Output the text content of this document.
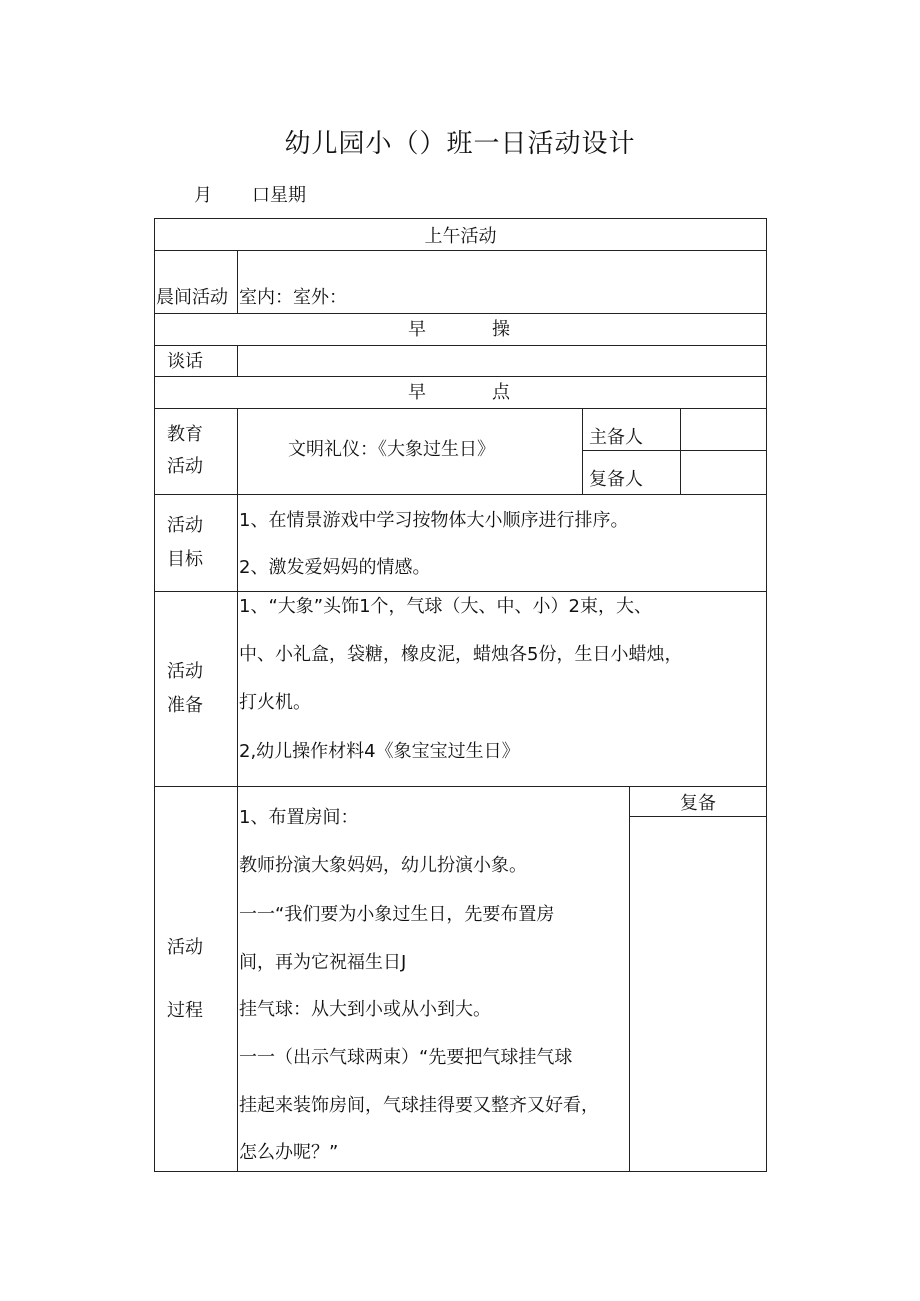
幼儿园小（）班一日活动设计
月 口星期
上午活动
晨间活动 室内：室外：
早	操
谈话
早	点
教育
活动
文明礼仪：《大象过生日》
主备人
复备人
活动
目标
1、在情景游戏中学习按物体大小顺序进行排序。
2、激发爱妈妈的情感。
活动
准备
1、“大象”头饰1个，气球（大、中、小）2束，大、
中、小礼盒，袋糖，橡皮泥，蜡烛各5份，生日小蜡烛，
打火机。
2,幼儿操作材料4《象宝宝过生日》
活动
过程
复备
1、布置房间：
教师扮演大象妈妈，幼儿扮演小象。
一一“我们要为小象过生日，先要布置房
间，再为它祝福生日J
挂气球：从大到小或从小到大。
一一（出示气球两束）“先要把气球挂气球
挂起来装饰房间，气球挂得要又整齐又好看，
怎么办呢？”
